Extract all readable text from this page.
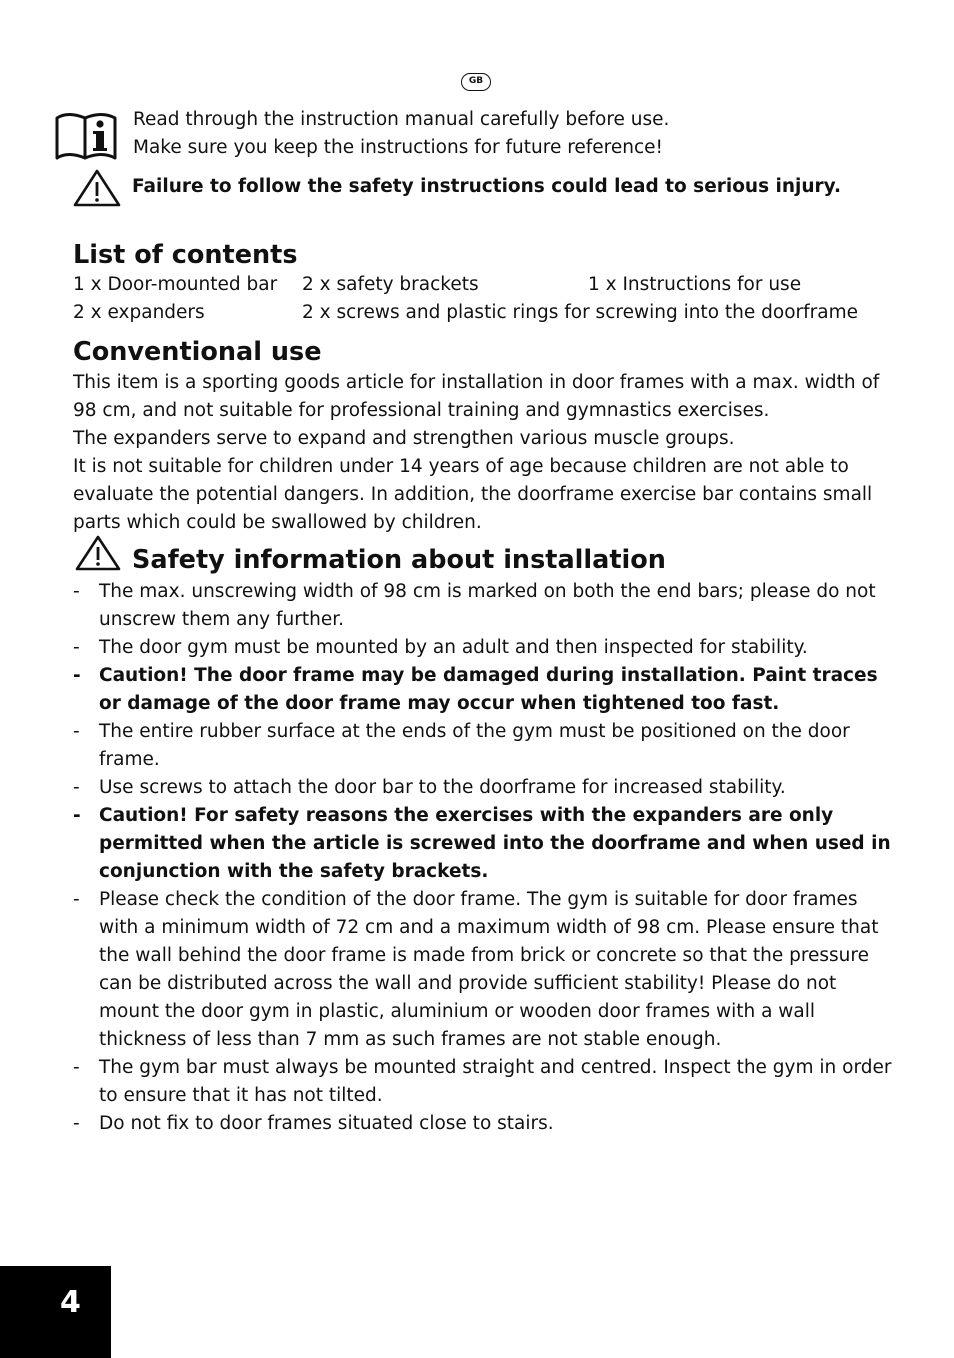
GB
Read through the instruction manual carefully before use.
Make sure you keep the instructions for future reference!
Failure to follow the safety instructions could lead to serious injury.
List of contents
1 x Door-mounted bar 2 x safety brackets	1 x Instructions for use
2 x expanders	2 x screws and plastic rings for screwing into the doorframe
Conventional use

This item is a sporting goods article for installation in door frames with a max. width of 98 cm, and not suitable for professional training and gymnastics exercises.

The expanders serve to expand and strengthen various muscle groups.

It is not suitable for children under 14 years of age because children are not able to evaluate the potential dangers. In addition, the doorframe exercise bar contains small parts which could be swallowed by children.

Safety information about installation
- The max. unscrewing width of 98 cm is marked on both the end bars; please do not unscrew them any further.
- The door gym must be mounted by an adult and then inspected for stability.
- Caution! The door frame may be damaged during installation. Paint traces or damage of the door frame may occur when tightened too fast.
- The entire rubber surface at the ends of the gym must be positioned on the door frame.
- Use screws to attach the door bar to the doorframe for increased stability.
- Caution! For safety reasons the exercises with the expanders are only permitted when the article is screwed into the doorframe and when used in conjunction with the safety brackets.
- Please check the condition of the door frame. The gym is suitable for door frames with a minimum width of 72 cm and a maximum width of 98 cm. Please ensure that the wall behind the door frame is made from brick or concrete so that the pressure can be distributed across the wall and provide sufficient stability! Please do not mount the door gym in plastic, aluminium or wooden door frames with a wall thickness of less than 7 mm as such frames are not stable enough.
- The gym bar must always be mounted straight and centred. Inspect the gym in order to ensure that it has not tilted.
- Do not fix to door frames situated close to stairs.
4
